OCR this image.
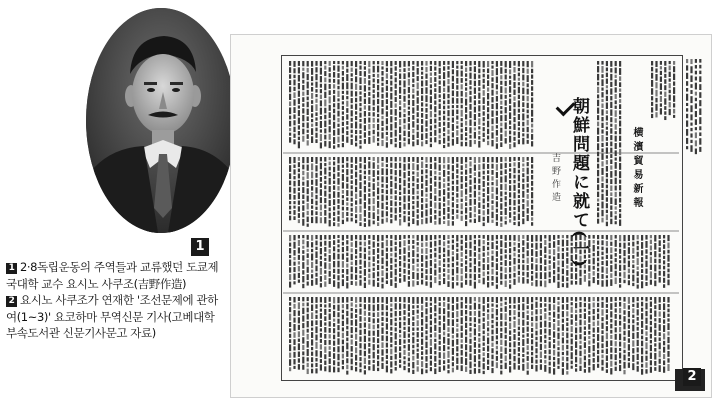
1

1 2·8독립운동의 주역들과 교류했던 도쿄제국대학 교수 요시노 사쿠조(吉野作造)

2 요시노 사쿠조가 연재한 '조선문제에 관하여(1~3)' 요코하마 무역신문 기사(고베대학 부속도서관 신문기사문고 자료)

朝鮮問題に就て(一)
吉野作造	横濱貿易新報
2
